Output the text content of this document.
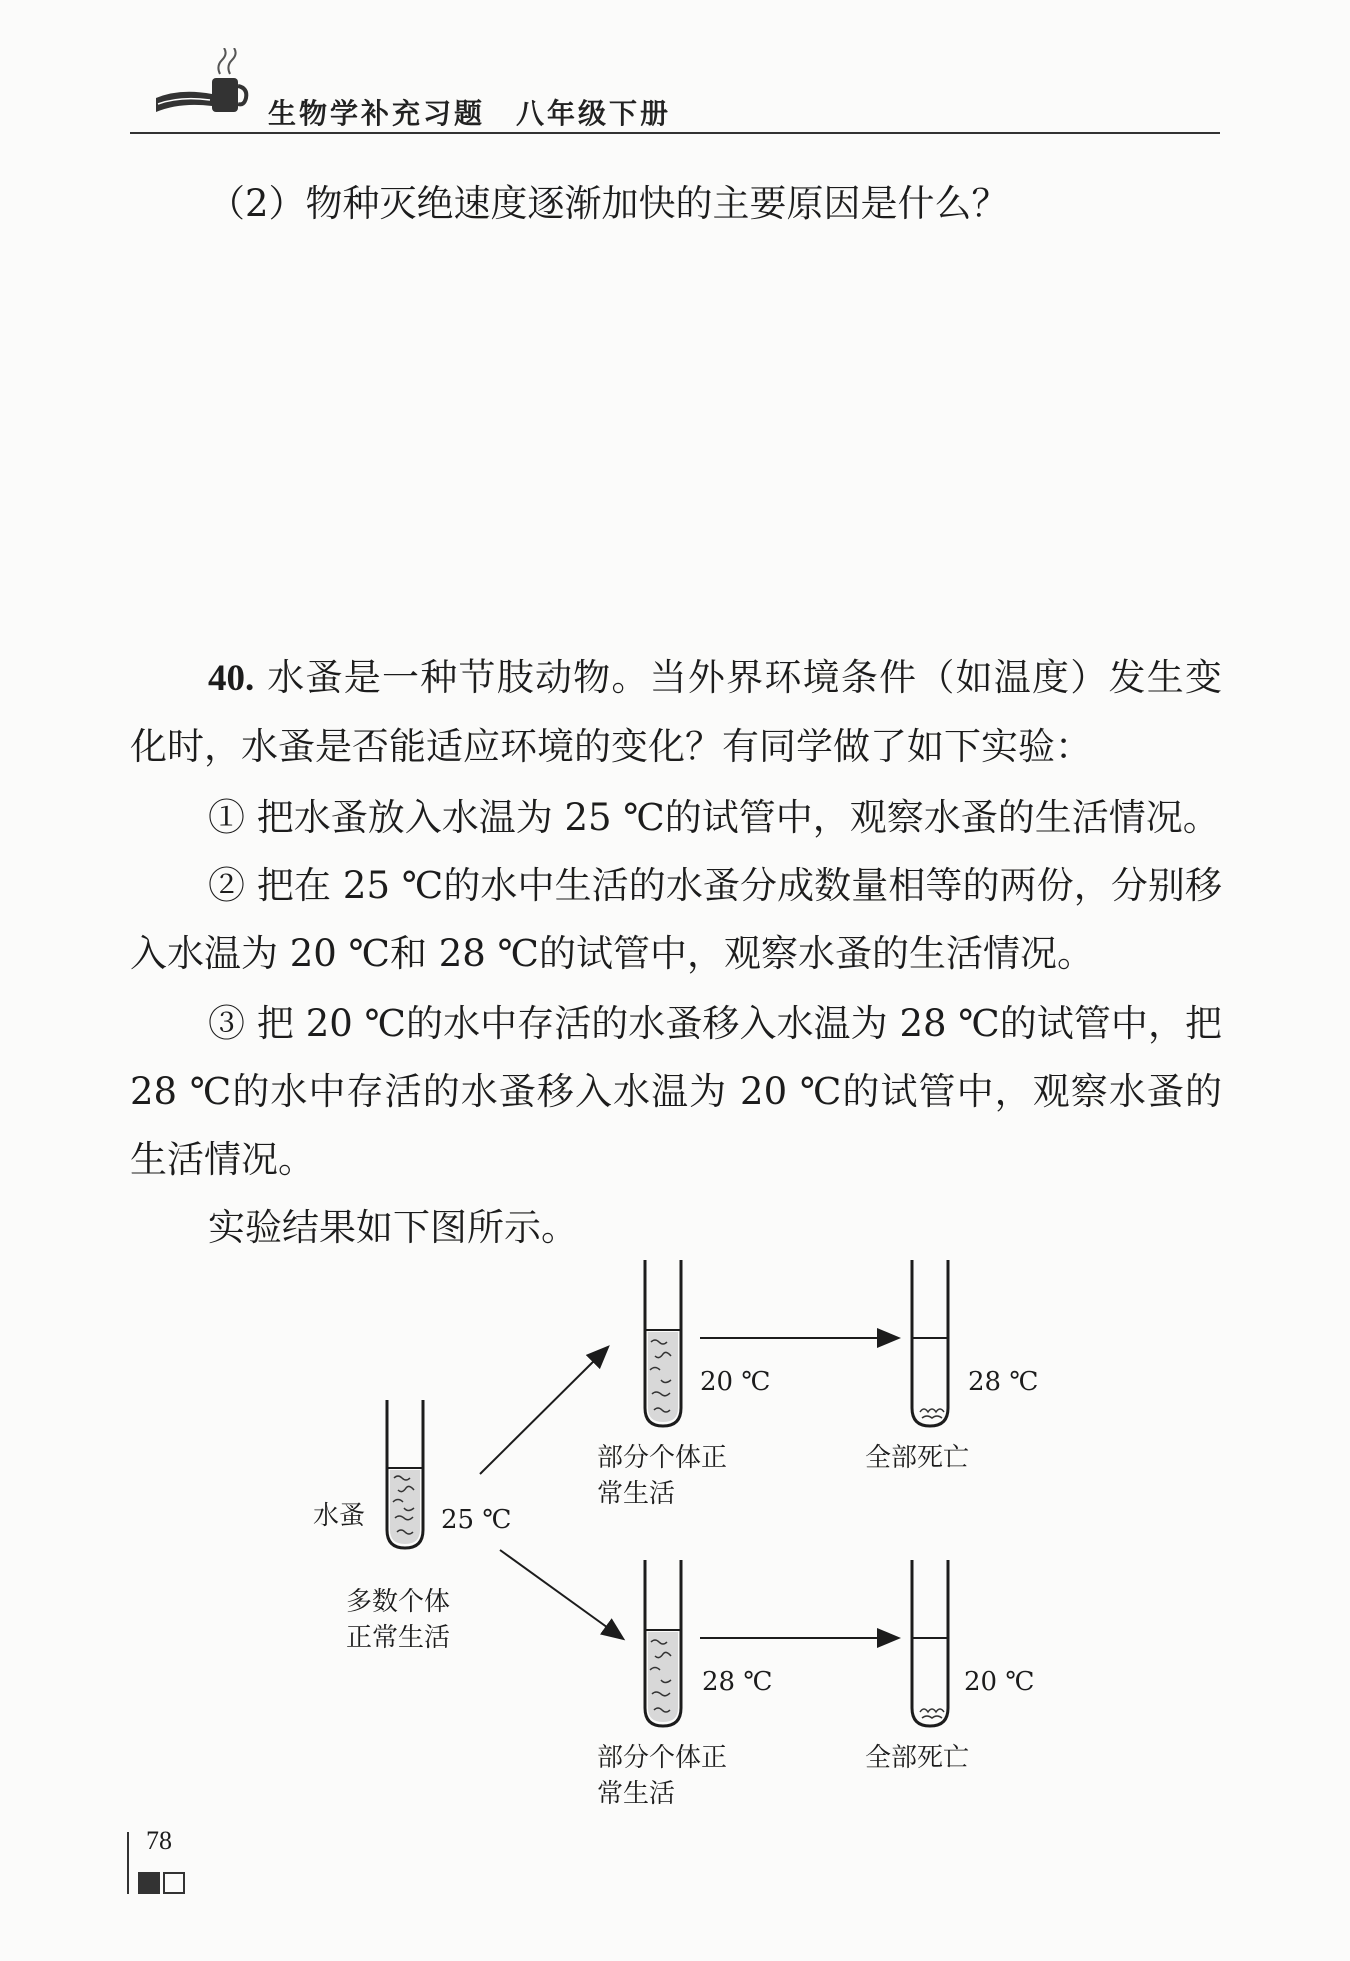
生物学补充习题　八年级下册

（2）物种灭绝速度逐渐加快的主要原因是什么？

40. 水蚤是一种节肢动物。当外界环境条件（如温度）发生变化时，水蚤是否能适应环境的变化？有同学做了如下实验：

① 把水蚤放入水温为 25 ℃的试管中，观察水蚤的生活情况。

② 把在 25 ℃的水中生活的水蚤分成数量相等的两份，分别移入水温为 20 ℃和 28 ℃的试管中，观察水蚤的生活情况。

③ 把 20 ℃的水中存活的水蚤移入水温为 28 ℃的试管中，把 28 ℃的水中存活的水蚤移入水温为 20 ℃的试管中，观察水蚤的生活情况。

实验结果如下图所示。

水蚤	25 ℃
多数个体
正常生活
20 ℃
部分个体正
常生活
28 ℃
全部死亡
28 ℃
部分个体正
常生活
20 ℃
全部死亡
78
